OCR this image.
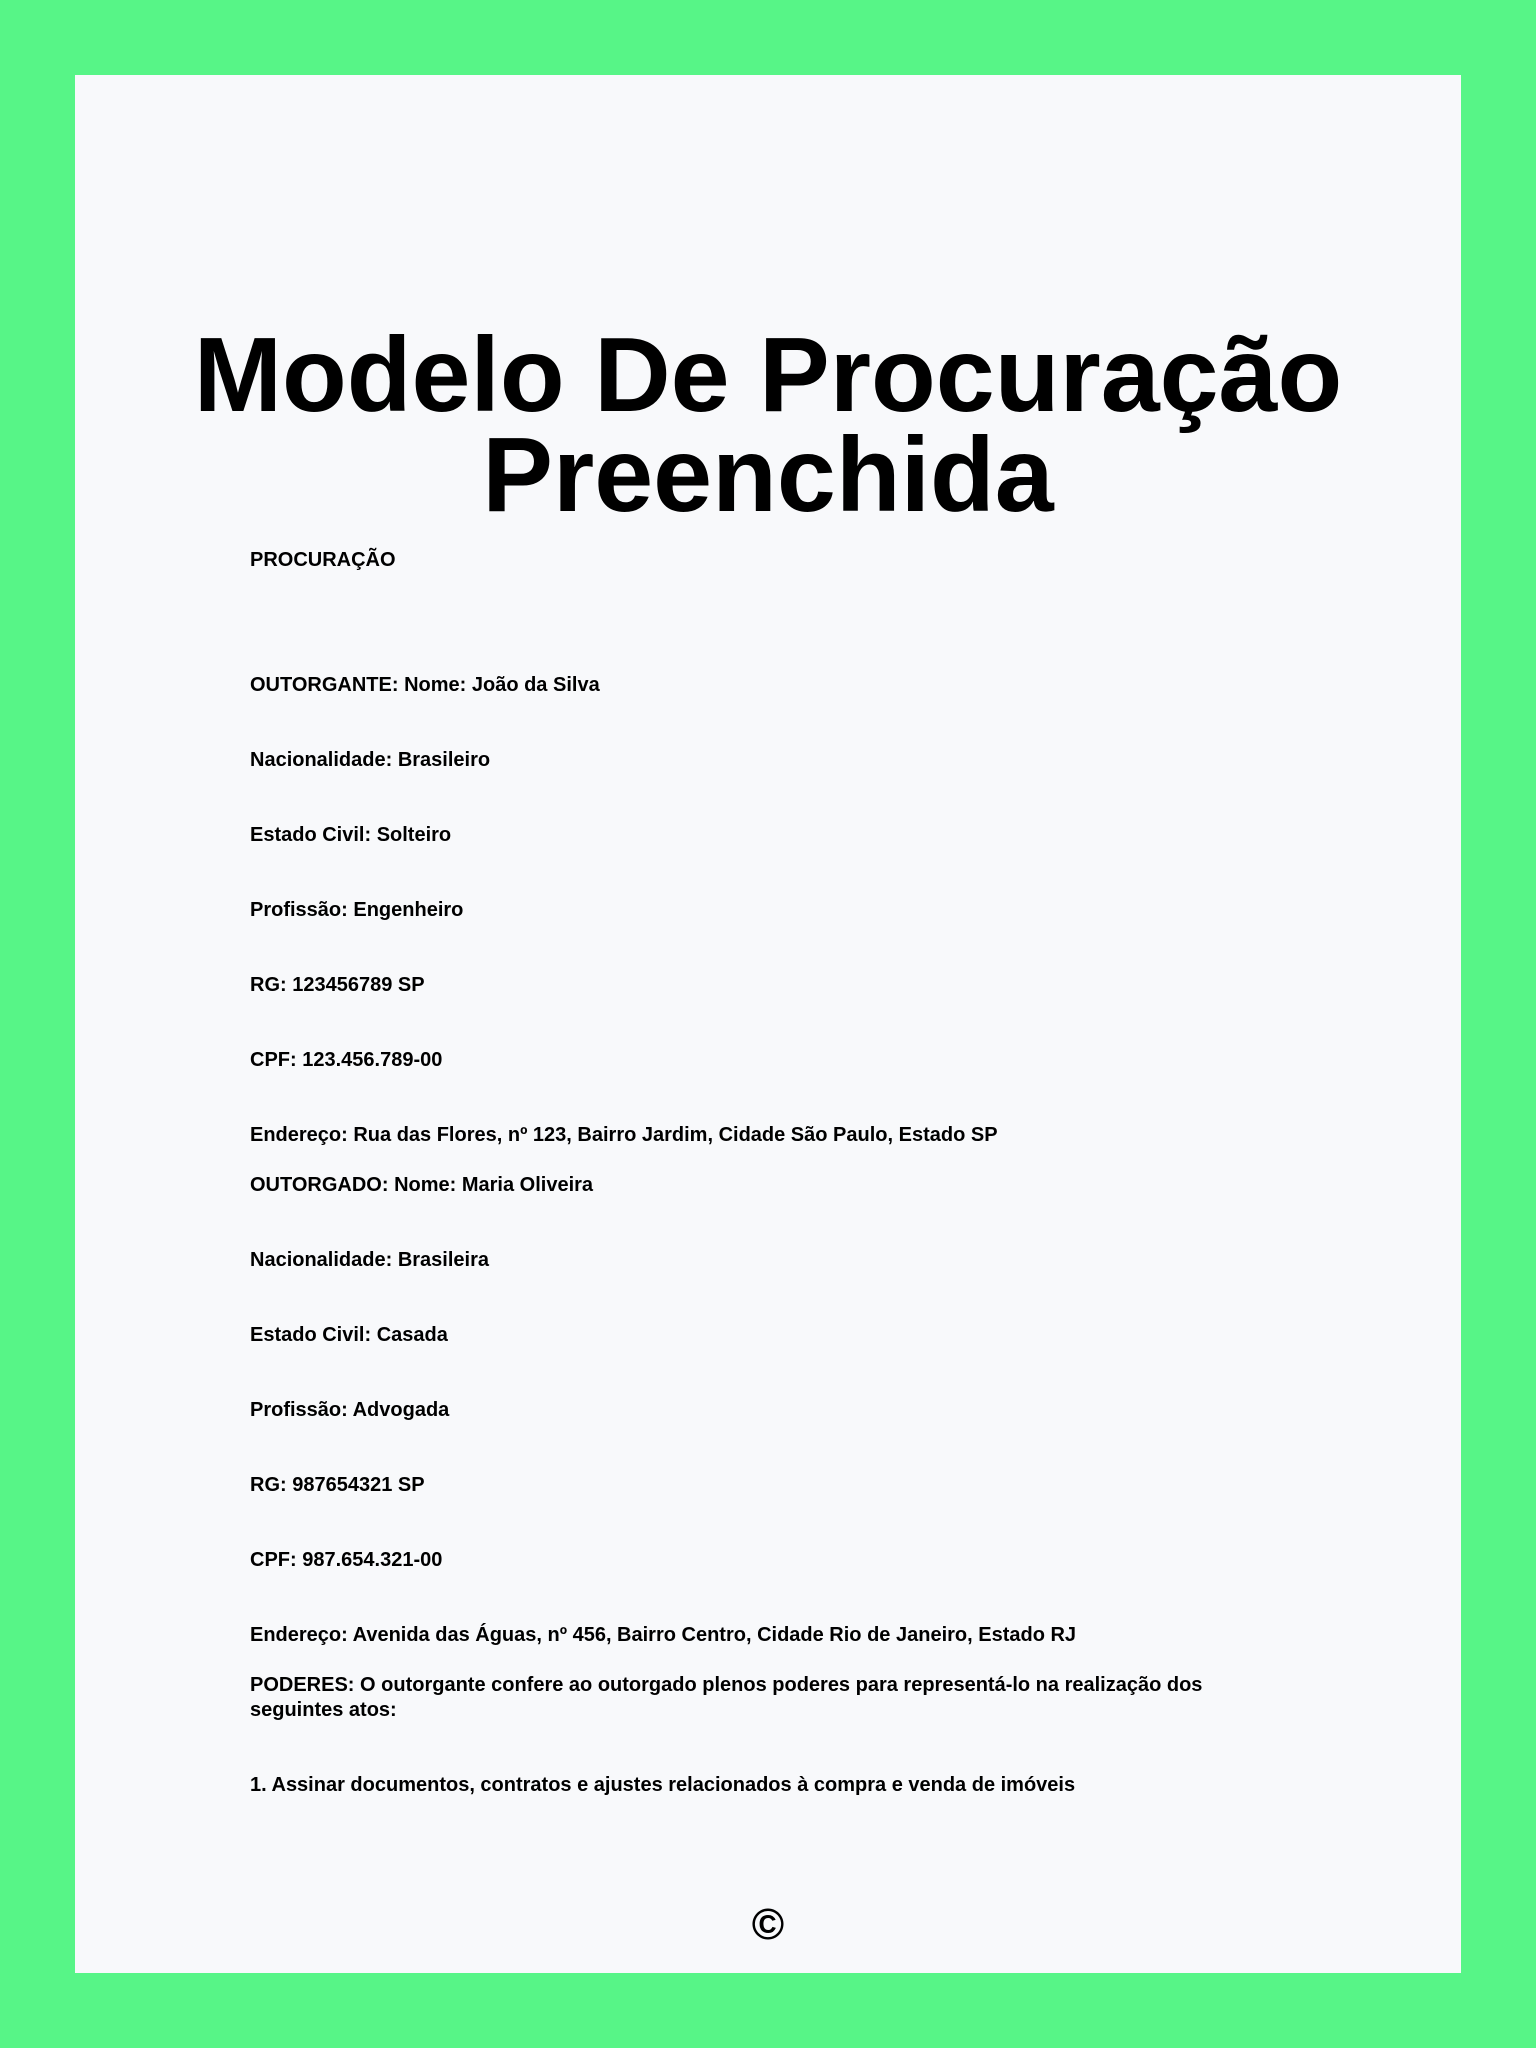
Modelo De Procuração
Preenchida

PROCURAÇÃO

OUTORGANTE: Nome: João da Silva

Nacionalidade: Brasileiro

Estado Civil: Solteiro

Profissão: Engenheiro

RG: 123456789 SP

CPF: 123.456.789-00

Endereço: Rua das Flores, nº 123, Bairro Jardim, Cidade São Paulo, Estado SP

OUTORGADO: Nome: Maria Oliveira

Nacionalidade: Brasileira

Estado Civil: Casada

Profissão: Advogada

RG: 987654321 SP

CPF: 987.654.321-00

Endereço: Avenida das Águas, nº 456, Bairro Centro, Cidade Rio de Janeiro, Estado RJ

PODERES: O outorgante confere ao outorgado plenos poderes para representá-lo na realização dos seguintes atos:

1. Assinar documentos, contratos e ajustes relacionados à compra e venda de imóveis

©
